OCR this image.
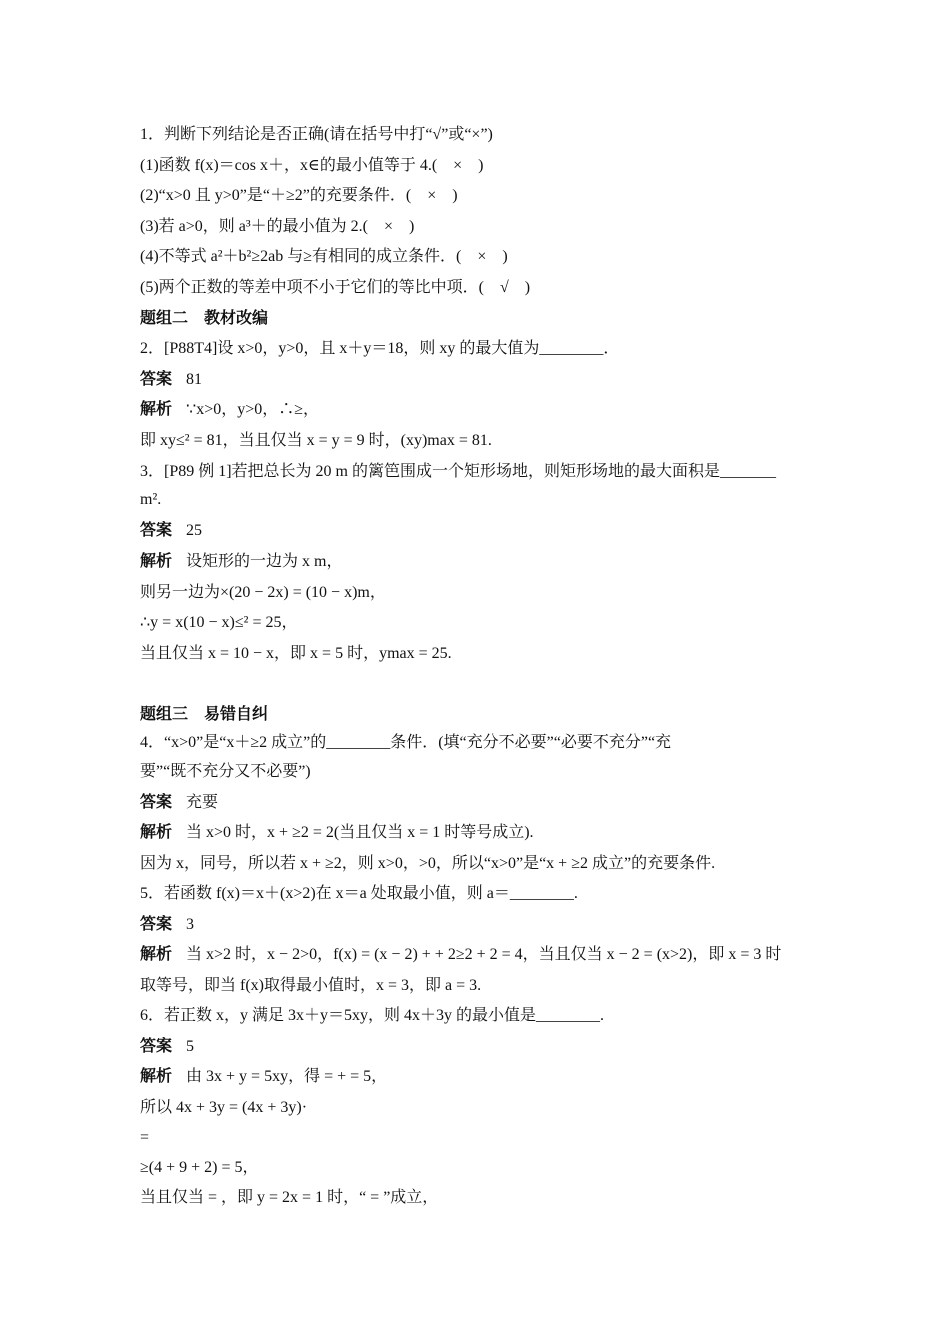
1．判断下列结论是否正确(请在括号中打“√”或“×”)
(1)函数 f(x)＝cos x＋，x∈的最小值等于 4.(　×　)
(2)“x>0 且 y>0”是“＋≥2”的充要条件．(　×　)
(3)若 a>0，则 a³＋的最小值为 2.(　×　)
(4)不等式 a²＋b²≥2ab 与≥有相同的成立条件．(　×　)
(5)两个正数的等差中项不小于它们的等比中项．(　√　)
题组二　教材改编
2．[P88T4]设 x>0，y>0，且 x＋y＝18，则 xy 的最大值为________．
答案 81
解析 ∵x>0，y>0，∴≥，
即 xy≤² = 81，当且仅当 x = y = 9 时，(xy)max = 81.
3．[P89 例 1]若把总长为 20 m 的篱笆围成一个矩形场地，则矩形场地的最大面积是_______
m².
答案 25
解析 设矩形的一边为 x m，
则另一边为×(20 − 2x) = (10 − x)m，
∴y = x(10 − x)≤² = 25，
当且仅当 x = 10 − x，即 x = 5 时，ymax = 25.
题组三　易错自纠
4．“x>0”是“x＋≥2 成立”的________条件．(填“充分不必要”“必要不充分”“充
要”“既不充分又不必要”)
答案 充要
解析 当 x>0 时，x + ≥2 = 2(当且仅当 x = 1 时等号成立).
因为 x，同号，所以若 x + ≥2，则 x>0，>0，所以“x>0”是“x + ≥2 成立”的充要条件.
5．若函数 f(x)＝x＋(x>2)在 x＝a 处取最小值，则 a＝________.
答案 3
解析 当 x>2 时，x − 2>0，f(x) = (x − 2) + + 2≥2 + 2 = 4，当且仅当 x − 2 = (x>2)，即 x = 3 时
取等号，即当 f(x)取得最小值时，x = 3，即 a = 3.
6．若正数 x，y 满足 3x＋y＝5xy，则 4x＋3y 的最小值是________.
答案 5
解析 由 3x + y = 5xy，得 = + = 5，
所以 4x + 3y = (4x + 3y)·
=
≥(4 + 9 + 2) = 5，
当且仅当 = ，即 y = 2x = 1 时，“ = ”成立，
